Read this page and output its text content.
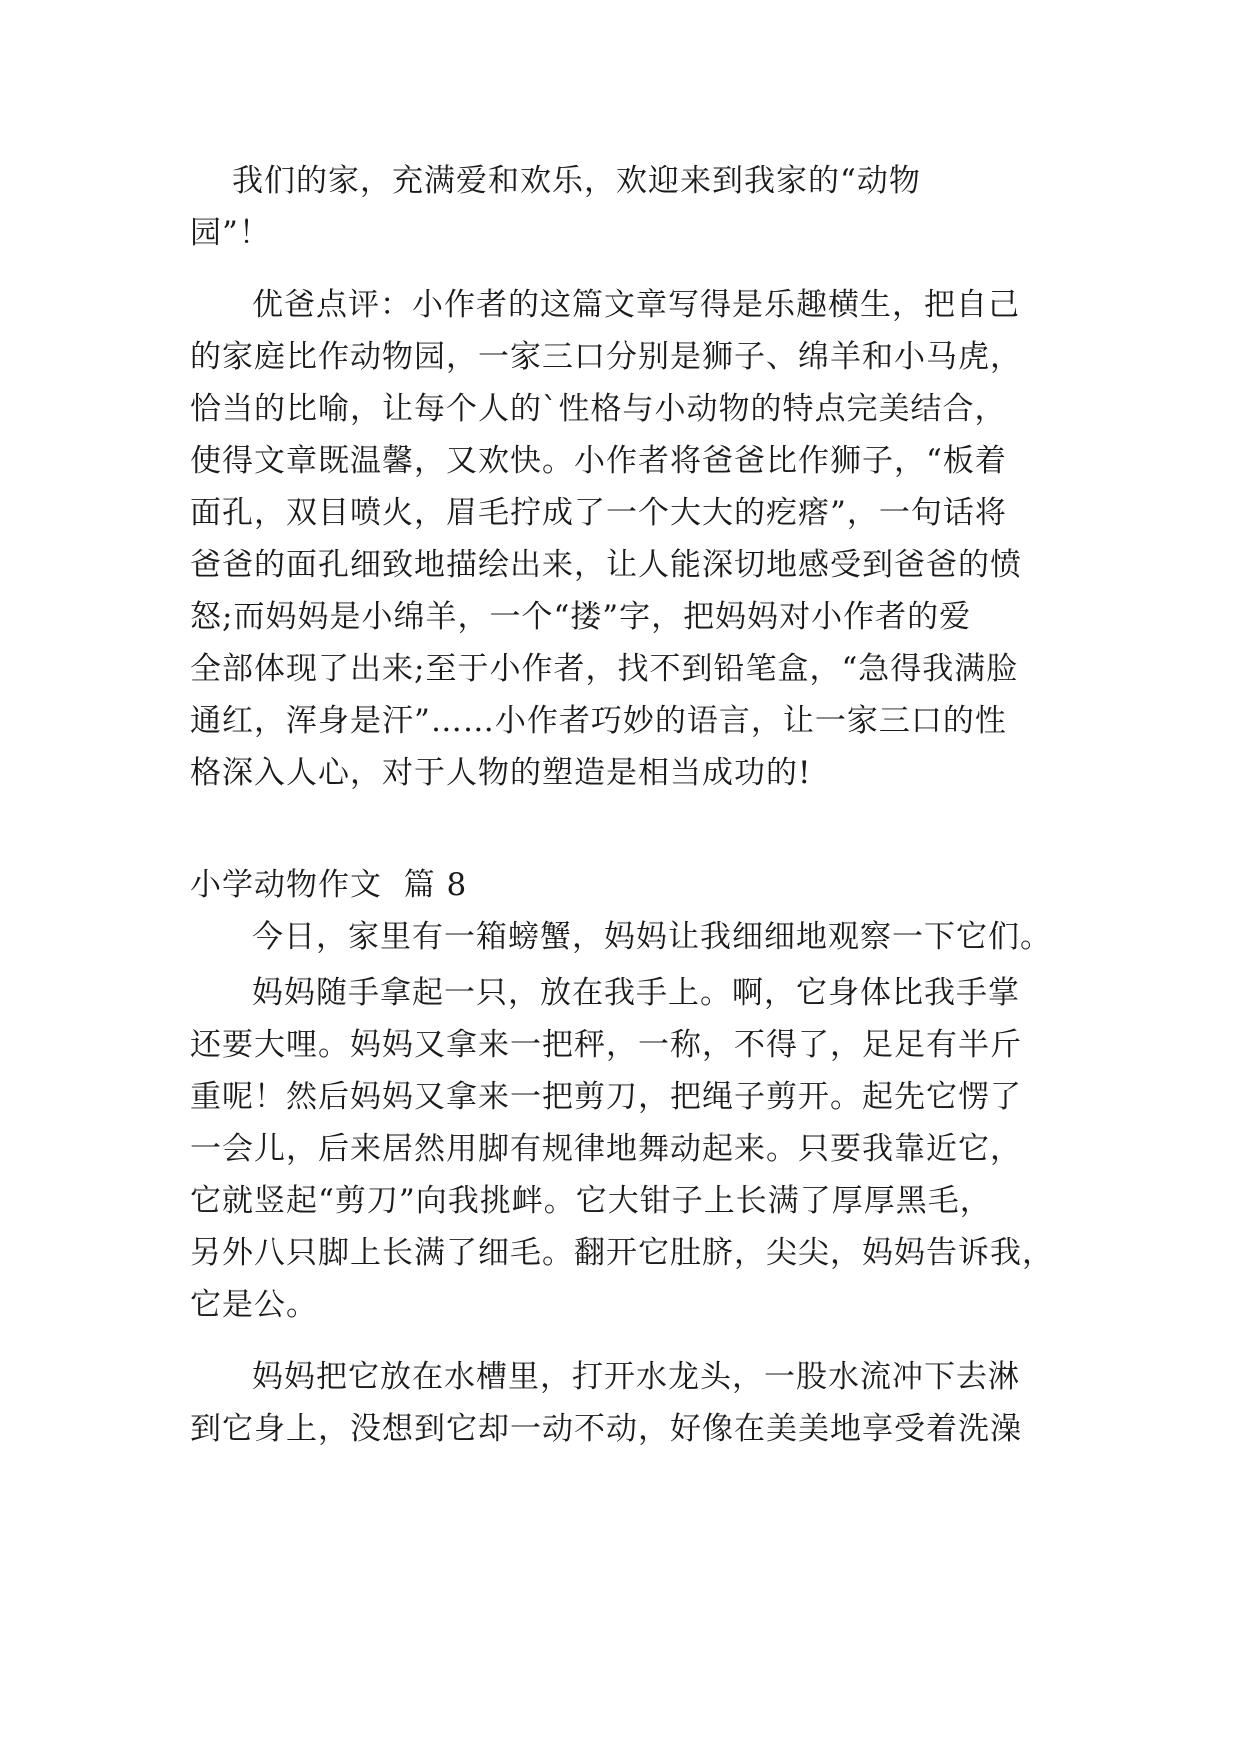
我们的家，充满爱和欢乐，欢迎来到我家的“动物
园”！
优爸点评：小作者的这篇文章写得是乐趣横生，把自己
的家庭比作动物园，一家三口分别是狮子、绵羊和小马虎，
恰当的比喻，让每个人的`性格与小动物的特点完美结合，
使得文章既温馨，又欢快。小作者将爸爸比作狮子，“板着
面孔，双目喷火，眉毛拧成了一个大大的疙瘩”，一句话将
爸爸的面孔细致地描绘出来，让人能深切地感受到爸爸的愤
怒;而妈妈是小绵羊，一个“搂”字，把妈妈对小作者的爱
全部体现了出来;至于小作者，找不到铅笔盒，“急得我满脸
通红，浑身是汗”……小作者巧妙的语言，让一家三口的性
格深入人心，对于人物的塑造是相当成功的!
小学动物作文  篇 8
今日，家里有一箱螃蟹，妈妈让我细细地观察一下它们。
妈妈随手拿起一只，放在我手上。啊，它身体比我手掌
还要大哩。妈妈又拿来一把秤，一称，不得了，足足有半斤
重呢！然后妈妈又拿来一把剪刀，把绳子剪开。起先它愣了
一会儿，后来居然用脚有规律地舞动起来。只要我靠近它，
它就竖起“剪刀”向我挑衅。它大钳子上长满了厚厚黑毛，
另外八只脚上长满了细毛。翻开它肚脐，尖尖，妈妈告诉我，
它是公。
妈妈把它放在水槽里，打开水龙头，一股水流冲下去淋
到它身上，没想到它却一动不动，好像在美美地享受着洗澡
